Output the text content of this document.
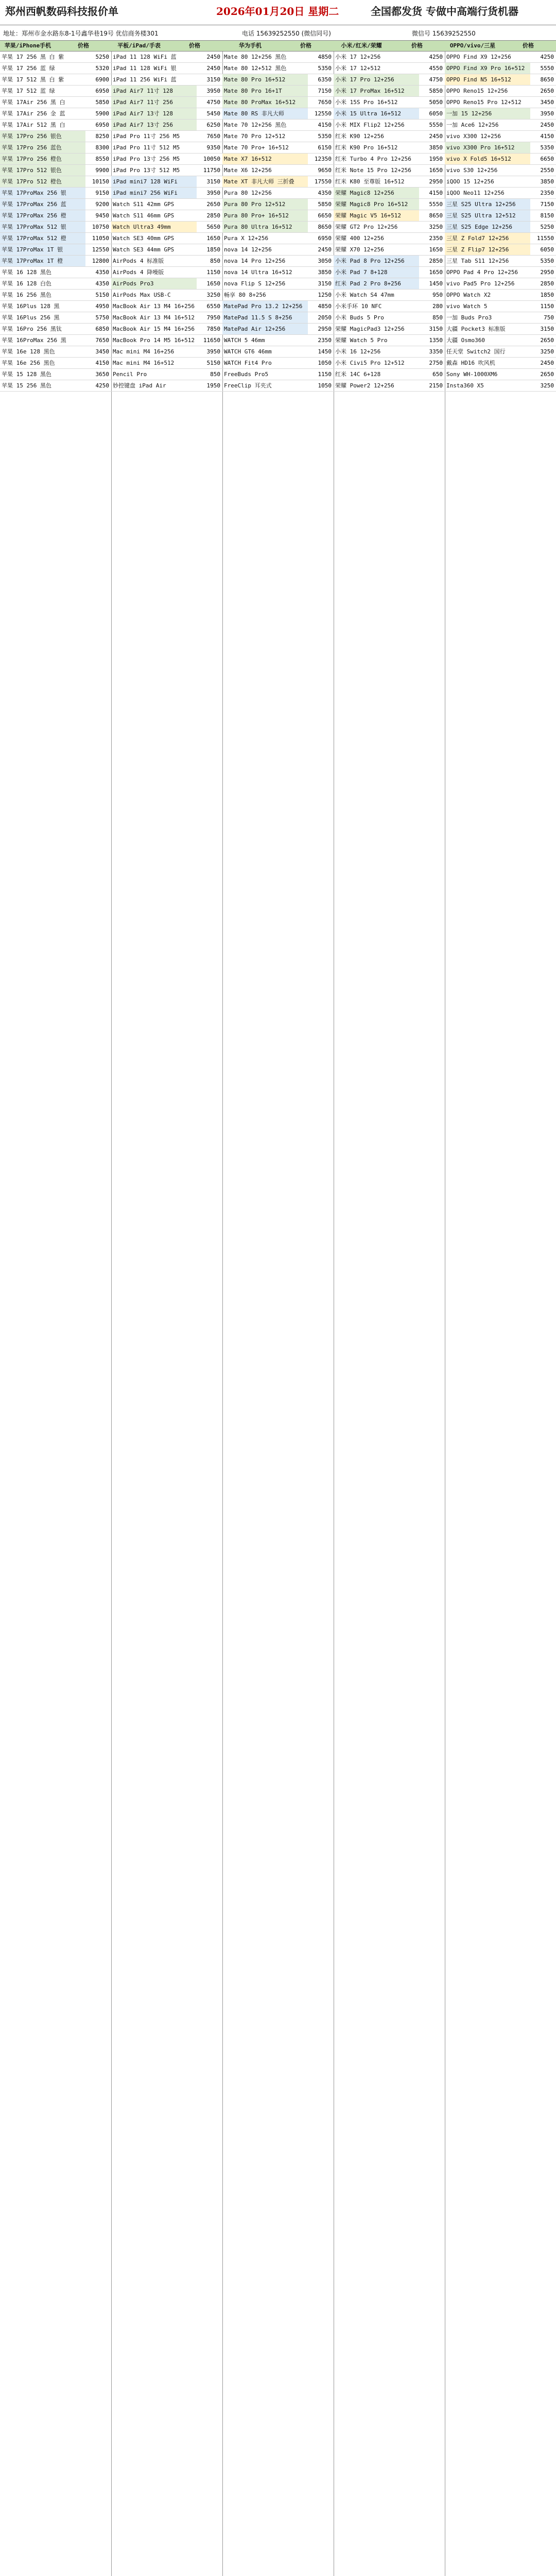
郑州西帆数码科技报价单	2026年01月20日 星期二	全国都发货 专做中高端行货机器
地址：郑州市金水路东8-1号鑫华巷19号 优信商务楼301	电话 15639252550 (微信同号)	微信号 15639252550
苹果/iPhone手机	价格
苹果 17 256 黑 白 紫	5250
苹果 17 256 蓝 绿	5320
苹果 17 512 黑 白 紫	6900
苹果 17 512 蓝 绿	6950
苹果 17Air 256 黑 白	5850
苹果 17Air 256 金 蓝	5900
苹果 17Air 512 黑 白	6950
苹果 17Pro 256 银色	8250
苹果 17Pro 256 蓝色	8300
苹果 17Pro 256 橙色	8550
苹果 17Pro 512 银色	9900
苹果 17Pro 512 橙色	10150
苹果 17ProMax 256 银	9150
苹果 17ProMax 256 蓝	9200
苹果 17ProMax 256 橙	9450
苹果 17ProMax 512 银	10750
苹果 17ProMax 512 橙	11050
苹果 17ProMax 1T 银	12550
苹果 17ProMax 1T 橙	12800
苹果 16 128 黑色	4350
苹果 16 128 白色	4350
苹果 16 256 黑色	5150
苹果 16Plus 128 黑	4950
苹果 16Plus 256 黑	5750
苹果 16Pro 256 黑钛	6850
苹果 16ProMax 256 黑	7650
苹果 16e 128 黑色	3450
苹果 16e 256 黑色	4150
苹果 15 128 黑色	3650
苹果 15 256 黑色	4250
平板/iPad/手表	价格
iPad 11 128 WiFi 蓝	2450
iPad 11 128 WiFi 银	2450
iPad 11 256 WiFi 蓝	3150
iPad Air7 11寸 128	3950
iPad Air7 11寸 256	4750
iPad Air7 13寸 128	5450
iPad Air7 13寸 256	6250
iPad Pro 11寸 256 M5	7650
iPad Pro 11寸 512 M5	9350
iPad Pro 13寸 256 M5	10050
iPad Pro 13寸 512 M5	11750
iPad mini7 128 WiFi	3150
iPad mini7 256 WiFi	3950
Watch S11 42mm GPS	2650
Watch S11 46mm GPS	2850
Watch Ultra3 49mm	5650
Watch SE3 40mm GPS	1650
Watch SE3 44mm GPS	1850
AirPods 4 标准版	850
AirPods 4 降噪版	1150
AirPods Pro3	1650
AirPods Max USB-C	3250
MacBook Air 13 M4 16+256	6550
MacBook Air 13 M4 16+512	7950
MacBook Air 15 M4 16+256	7850
MacBook Pro 14 M5 16+512	11650
Mac mini M4 16+256	3950
Mac mini M4 16+512	5150
Pencil Pro	850
妙控键盘 iPad Air	1950
华为手机	价格
Mate 80 12+256 黑色	4850
Mate 80 12+512 黑色	5350
Mate 80 Pro 16+512	6350
Mate 80 Pro 16+1T	7150
Mate 80 ProMax 16+512	7650
Mate 80 RS 非凡大师	12550
Mate 70 12+256 黑色	4150
Mate 70 Pro 12+512	5350
Mate 70 Pro+ 16+512	6150
Mate X7 16+512	12350
Mate X6 12+256	9650
Mate XT 非凡大师 三折叠	17550
Pura 80 12+256	4350
Pura 80 Pro 12+512	5850
Pura 80 Pro+ 16+512	6650
Pura 80 Ultra 16+512	8650
Pura X 12+256	6950
nova 14 12+256	2450
nova 14 Pro 12+256	3050
nova 14 Ultra 16+512	3850
nova Flip S 12+256	3150
畅享 80 8+256	1250
MatePad Pro 13.2 12+256	4850
MatePad 11.5 S 8+256	2050
MatePad Air 12+256	2950
WATCH 5 46mm	2350
WATCH GT6 46mm	1450
WATCH Fit4 Pro	1050
FreeBuds Pro5	1150
FreeClip 耳夹式	1050
小米/红米/荣耀	价格
小米 17 12+256	4250
小米 17 12+512	4550
小米 17 Pro 12+256	4750
小米 17 ProMax 16+512	5850
小米 15S Pro 16+512	5050
小米 15 Ultra 16+512	6050
小米 MIX Flip2 12+256	5550
红米 K90 12+256	2450
红米 K90 Pro 16+512	3850
红米 Turbo 4 Pro 12+256	1950
红米 Note 15 Pro 12+256	1650
红米 K80 至尊版 16+512	2950
荣耀 Magic8 12+256	4150
荣耀 Magic8 Pro 16+512	5550
荣耀 Magic V5 16+512	8650
荣耀 GT2 Pro 12+256	3250
荣耀 400 12+256	2350
荣耀 X70 12+256	1650
小米 Pad 8 Pro 12+256	2850
小米 Pad 7 8+128	1650
红米 Pad 2 Pro 8+256	1450
小米 Watch S4 47mm	950
小米手环 10 NFC	280
小米 Buds 5 Pro	850
荣耀 MagicPad3 12+256	3150
荣耀 Watch 5 Pro	1350
小米 16 12+256	3350
小米 Civi5 Pro 12+512	2750
红米 14C 6+128	650
荣耀 Power2 12+256	2150
OPPO/vivo/三星	价格
OPPO Find X9 12+256	4250
OPPO Find X9 Pro 16+512	5550
OPPO Find N5 16+512	8650
OPPO Reno15 12+256	2650
OPPO Reno15 Pro 12+512	3450
一加 15 12+256	3950
一加 Ace6 12+256	2450
vivo X300 12+256	4150
vivo X300 Pro 16+512	5350
vivo X Fold5 16+512	6650
vivo S30 12+256	2550
iQOO 15 12+256	3850
iQOO Neo11 12+256	2350
三星 S25 Ultra 12+256	7150
三星 S25 Ultra 12+512	8150
三星 S25 Edge 12+256	5250
三星 Z Fold7 12+256	11550
三星 Z Flip7 12+256	6050
三星 Tab S11 12+256	5350
OPPO Pad 4 Pro 12+256	2950
vivo Pad5 Pro 12+256	2850
OPPO Watch X2	1850
vivo Watch 5	1150
一加 Buds Pro3	750
大疆 Pocket3 标准版	3150
大疆 Osmo360	2650
任天堂 Switch2 国行	3250
戴森 HD16 吹风机	2450
Sony WH-1000XM6	2650
Insta360 X5	3250
